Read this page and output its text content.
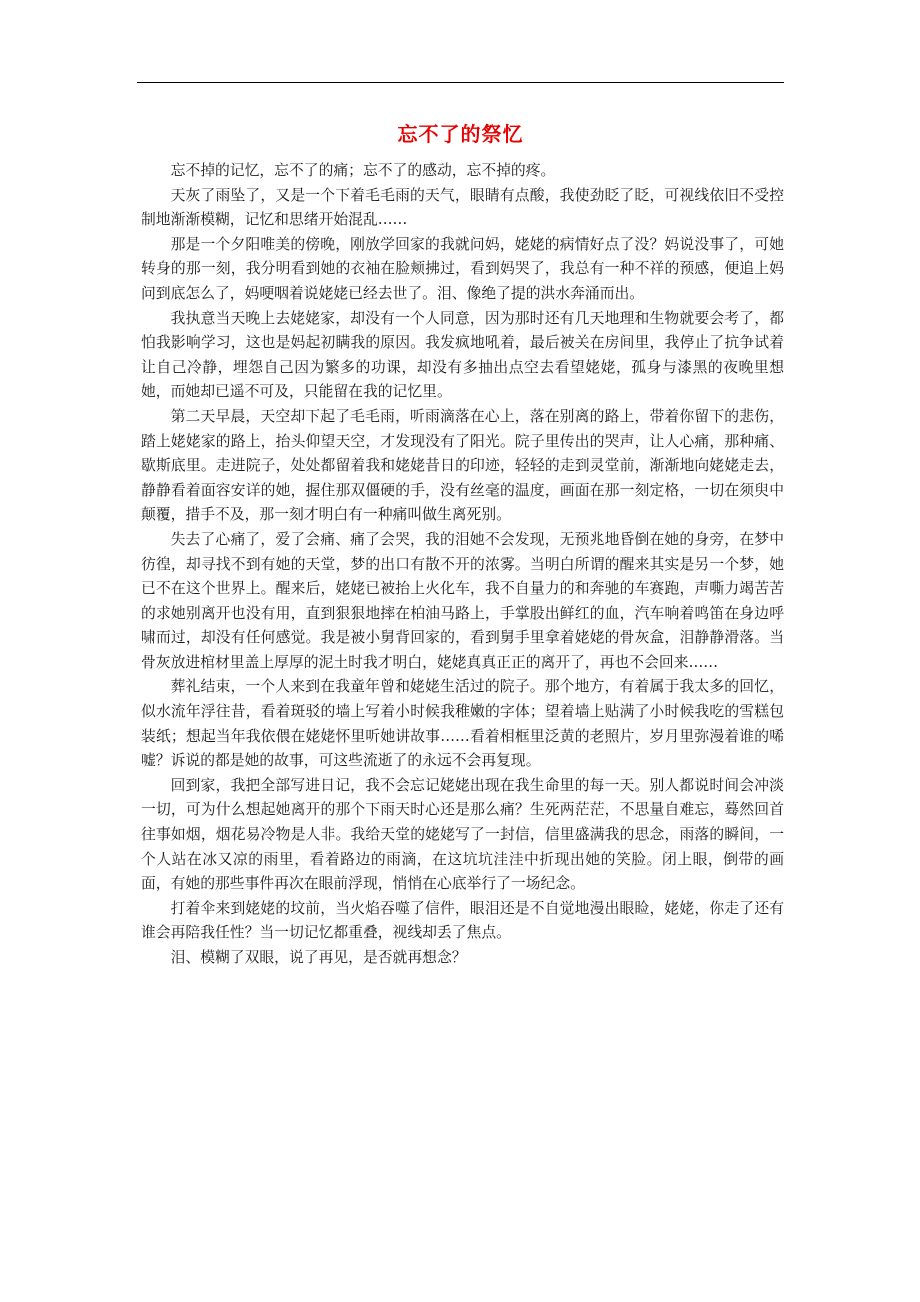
忘不了的祭忆

忘不掉的记忆，忘不了的痛；忘不了的感动，忘不掉的疼。

天灰了雨坠了，又是一个下着毛毛雨的天气，眼睛有点酸，我使劲眨了眨，可视线依旧不受控制地渐渐模糊，记忆和思绪开始混乱……

那是一个夕阳唯美的傍晚，刚放学回家的我就问妈，姥姥的病情好点了没？妈说没事了，可她转身的那一刻，我分明看到她的衣袖在脸颊拂过，看到妈哭了，我总有一种不祥的预感，便追上妈问到底怎么了，妈哽咽着说姥姥已经去世了。泪、像绝了提的洪水奔涌而出。

我执意当天晚上去姥姥家，却没有一个人同意，因为那时还有几天地理和生物就要会考了，都怕我影响学习，这也是妈起初瞒我的原因。我发疯地吼着，最后被关在房间里，我停止了抗争试着让自己冷静，埋怨自己因为繁多的功课，却没有多抽出点空去看望姥姥，孤身与漆黑的夜晚里想她，而她却已遥不可及，只能留在我的记忆里。

第二天早晨，天空却下起了毛毛雨，听雨滴落在心上，落在别离的路上，带着你留下的悲伤，踏上姥姥家的路上，抬头仰望天空，才发现没有了阳光。院子里传出的哭声，让人心痛，那种痛、歇斯底里。走进院子，处处都留着我和姥姥昔日的印迹，轻轻的走到灵堂前，渐渐地向姥姥走去，静静看着面容安详的她，握住那双僵硬的手，没有丝毫的温度，画面在那一刻定格，一切在须臾中颠覆，措手不及，那一刻才明白有一种痛叫做生离死别。

失去了心痛了，爱了会痛、痛了会哭，我的泪她不会发现，无预兆地昏倒在她的身旁，在梦中彷徨，却寻找不到有她的天堂，梦的出口有散不开的浓雾。当明白所谓的醒来其实是另一个梦，她已不在这个世界上。醒来后，姥姥已被抬上火化车，我不自量力的和奔驰的车赛跑，声嘶力竭苦苦的求她别离开也没有用，直到狠狠地摔在柏油马路上，手掌股出鲜红的血，汽车响着鸣笛在身边呼啸而过，却没有任何感觉。我是被小舅背回家的，看到舅手里拿着姥姥的骨灰盒，泪静静滑落。当骨灰放进棺材里盖上厚厚的泥土时我才明白，姥姥真真正正的离开了，再也不会回来……

葬礼结束，一个人来到在我童年曾和姥姥生活过的院子。那个地方，有着属于我太多的回忆，似水流年浮往昔，看着斑驳的墙上写着小时候我稚嫩的字体；望着墙上贴满了小时候我吃的雪糕包装纸；想起当年我依偎在姥姥怀里听她讲故事……看着相框里泛黄的老照片，岁月里弥漫着谁的唏嘘？诉说的都是她的故事，可这些流逝了的永远不会再复现。

回到家，我把全部写进日记，我不会忘记姥姥出现在我生命里的每一天。别人都说时间会冲淡一切，可为什么想起她离开的那个下雨天时心还是那么痛？生死两茫茫，不思量自难忘，蓦然回首往事如烟，烟花易冷物是人非。我给天堂的姥姥写了一封信，信里盛满我的思念，雨落的瞬间，一个人站在冰又凉的雨里，看着路边的雨滴，在这坑坑洼洼中折现出她的笑脸。闭上眼，倒带的画面，有她的那些事件再次在眼前浮现，悄悄在心底举行了一场纪念。

打着伞来到姥姥的坟前，当火焰吞噬了信件，眼泪还是不自觉地漫出眼睑，姥姥，你走了还有谁会再陪我任性？当一切记忆都重叠，视线却丢了焦点。

泪、模糊了双眼，说了再见，是否就再想念？
